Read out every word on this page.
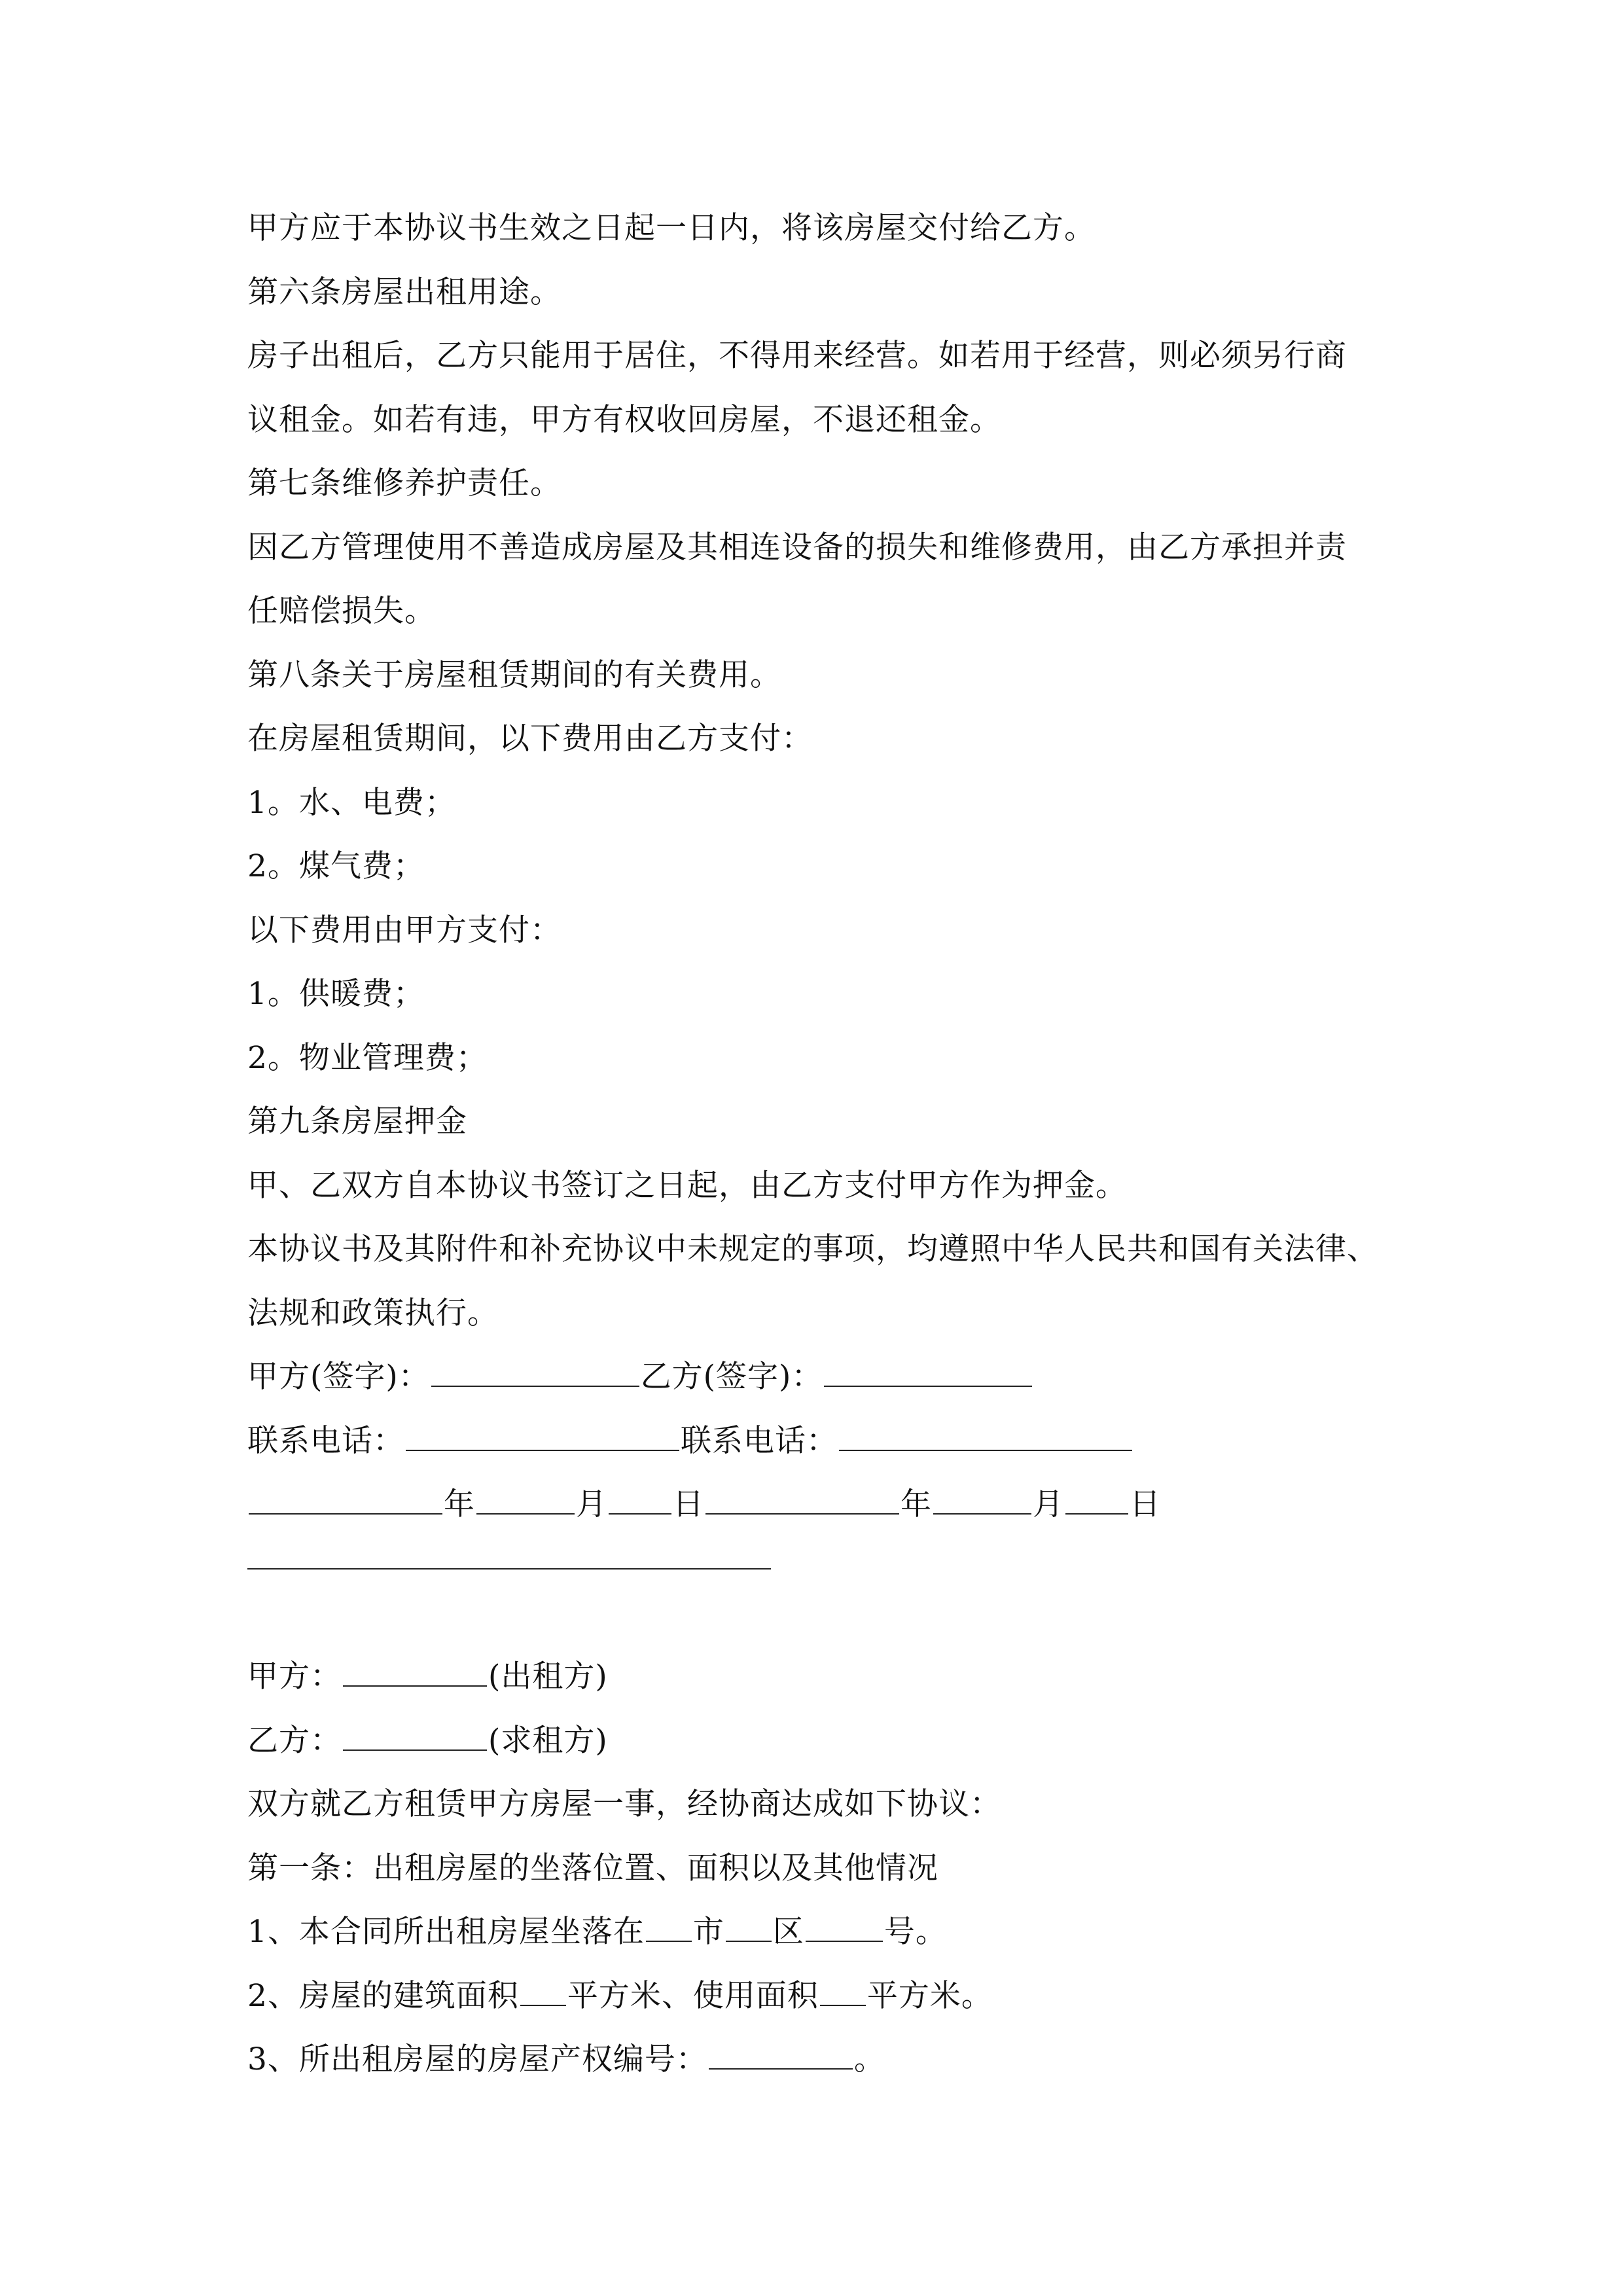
甲方应于本协议书生效之日起一日内，将该房屋交付给乙方。
第六条房屋出租用途。
房子出租后，乙方只能用于居住，不得用来经营。如若用于经营，则必须另行商
议租金。如若有违，甲方有权收回房屋，不退还租金。
第七条维修养护责任。
因乙方管理使用不善造成房屋及其相连设备的损失和维修费用，由乙方承担并责
任赔偿损失。
第八条关于房屋租赁期间的有关费用。
在房屋租赁期间，以下费用由乙方支付：
1。水、电费；
2。煤气费；
以下费用由甲方支付：
1。供暖费；
2。物业管理费；
第九条房屋押金
甲、乙双方自本协议书签订之日起，由乙方支付甲方作为押金。
本协议书及其附件和补充协议中未规定的事项，均遵照中华人民共和国有关法律、
法规和政策执行。
甲方(签字)：	乙方(签字)：
联系电话：	联系电话：
年	月 日	年	月 日
甲方：	(出租方)
乙方：	(求租方)
双方就乙方租赁甲方房屋一事，经协商达成如下协议：
第一条：出租房屋的坐落位置、面积以及其他情况
1、本合同所出租房屋坐落在 市 区	号。
2、房屋的建筑面积 平方米、使用面积 平方米。
3、所出租房屋的房屋产权编号：	。
